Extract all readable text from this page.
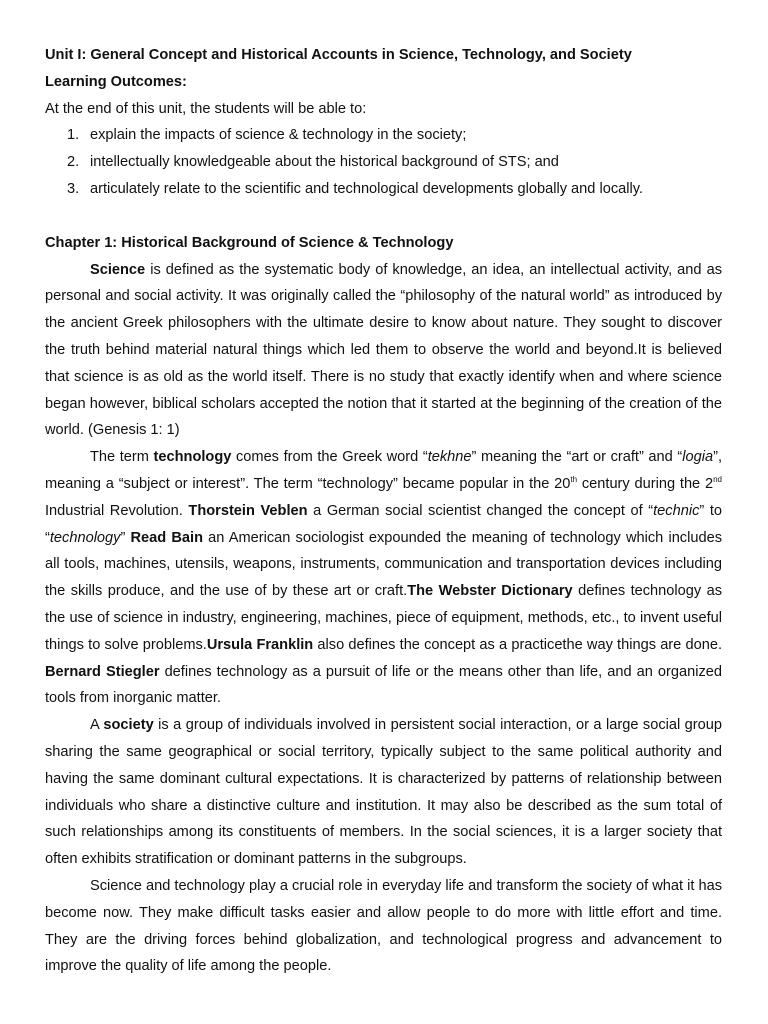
Unit I: General Concept and Historical Accounts in Science, Technology, and Society

Learning Outcomes:

At the end of this unit, the students will be able to:

1. explain the impacts of science & technology in the society;
2. intellectually knowledgeable about the historical background of STS; and
3. articulately relate to the scientific and technological developments globally and locally.

Chapter 1: Historical Background of Science & Technology

Science is defined as the systematic body of knowledge, an idea, an intellectual activity, and as personal and social activity. It was originally called the “philosophy of the natural world” as introduced by the ancient Greek philosophers with the ultimate desire to know about nature. They sought to discover the truth behind material natural things which led them to observe the world and beyond.It is believed that science is as old as the world itself. There is no study that exactly identify when and where science began however, biblical scholars accepted the notion that it started at the beginning of the creation of the world. (Genesis 1: 1)

The term technology comes from the Greek word “tekhne” meaning the “art or craft” and “logia”, meaning a “subject or interest”. The term “technology” became popular in the 20th century during the 2nd Industrial Revolution. Thorstein Veblen a German social scientist changed the concept of “technic” to “technology” Read Bain an American sociologist expounded the meaning of technology which includes all tools, machines, utensils, weapons, instruments, communication and transportation devices including the skills produce, and the use of by these art or craft.The Webster Dictionary defines technology as the use of science in industry, engineering, machines, piece of equipment, methods, etc., to invent useful things to solve problems.Ursula Franklin also defines the concept as a practicethe way things are done. Bernard Stiegler defines technology as a pursuit of life or the means other than life, and an organized tools from inorganic matter.

A society is a group of individuals involved in persistent social interaction, or a large social group sharing the same geographical or social territory, typically subject to the same political authority and having the same dominant cultural expectations. It is characterized by patterns of relationship between individuals who share a distinctive culture and institution. It may also be described as the sum total of such relationships among its constituents of members. In the social sciences, it is a larger society that often exhibits stratification or dominant patterns in the subgroups.

Science and technology play a crucial role in everyday life and transform the society of what it has become now. They make difficult tasks easier and allow people to do more with little effort and time. They are the driving forces behind globalization, and technological progress and advancement to improve the quality of life among the people.
